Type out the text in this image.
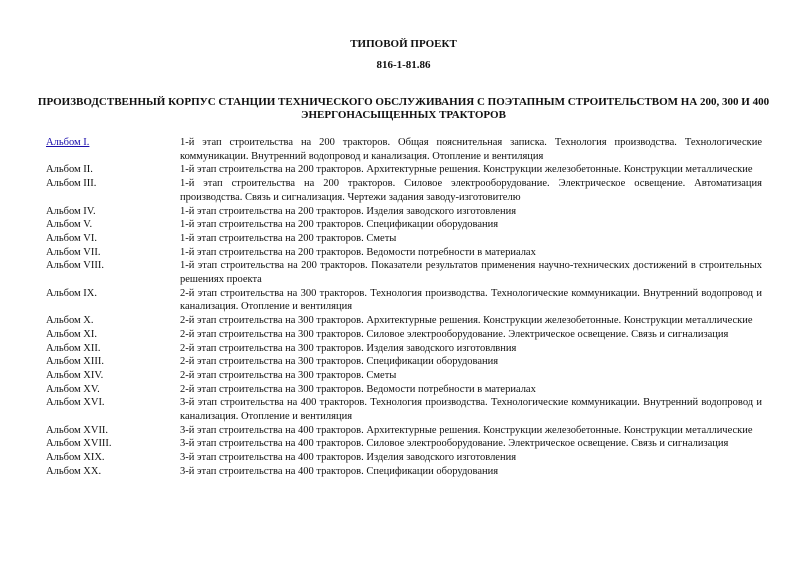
ТИПОВОЙ ПРОЕКТ
816-1-81.86
ПРОИЗВОДСТВЕННЫЙ КОРПУС СТАНЦИИ ТЕХНИЧЕСКОГО ОБСЛУЖИВАНИЯ С ПОЭТАПНЫМ СТРОИТЕЛЬСТВОМ НА 200, 300 И 400 ЭНЕРГОНАСЫЩЕННЫХ ТРАКТОРОВ
Альбом I.	1-й этап строительства на 200 тракторов. Общая пояснительная записка. Технология производства. Технологические коммуникации. Внутренний водопровод и канализация. Отопление и вентиляция
Альбом II.	1-й этап строительства на 200 тракторов. Архитектурные решения. Конструкции железобетонные. Конструкции металлические
Альбом III.	1-й этап строительства на 200 тракторов. Силовое электрооборудование. Электрическое освещение. Автоматизация производства. Связь и сигнализация. Чертежи задания заводу-изготовителю
Альбом IV.	1-й этап строительства на 200 тракторов. Изделия заводского изготовления
Альбом V.	1-й этап строительства на 200 тракторов. Спецификации оборудования
Альбом VI.	1-й этап строительства на 200 тракторов. Сметы
Альбом VII.	1-й этап строительства на 200 тракторов. Ведомости потребности в материалах
Альбом VIII.	1-й этап строительства на 200 тракторов. Показатели результатов применения научно-технических достижений в строительных решениях проекта
Альбом IX.	2-й этап строительства на 300 тракторов. Технология производства. Технологические коммуникации. Внутренний водопровод и канализация. Отопление и вентиляция
Альбом X.	2-й этап строительства на 300 тракторов. Архитектурные решения. Конструкции железобетонные. Конструкции металлические
Альбом XI.	2-й этап строительства на 300 тракторов. Силовое электрооборудование. Электрическое освещение. Связь и сигнализация
Альбом XII.	2-й этап строительства на 300 тракторов. Изделия заводского изготовлвния
Альбом XIII.	2-й этап строительства на 300 тракторов. Спецификации оборудования
Альбом XIV.	2-й этап строительства на 300 тракторов. Сметы
Альбом XV.	2-й этап строительства на 300 тракторов. Ведомости потребности в материалах
Альбом XVI.	3-й этап строительства на 400 тракторов. Технология производства. Технологические коммуникации. Внутренний водопровод и канализация. Отопление и вентиляция
Альбом XVII.	3-й этап строительства на 400 тракторов. Архитектурные решения. Конструкции железобетонные. Конструкции металлические
Альбом XVIII.	3-й этап строительства на 400 тракторов. Силовое электрооборудование. Электрическое освещение. Связь и сигнализация
Альбом XIX.	3-й этап строительства на 400 тракторов. Изделия заводского изготовления
Альбом XX.	3-й этап строительства на 400 тракторов. Спецификации оборудования
